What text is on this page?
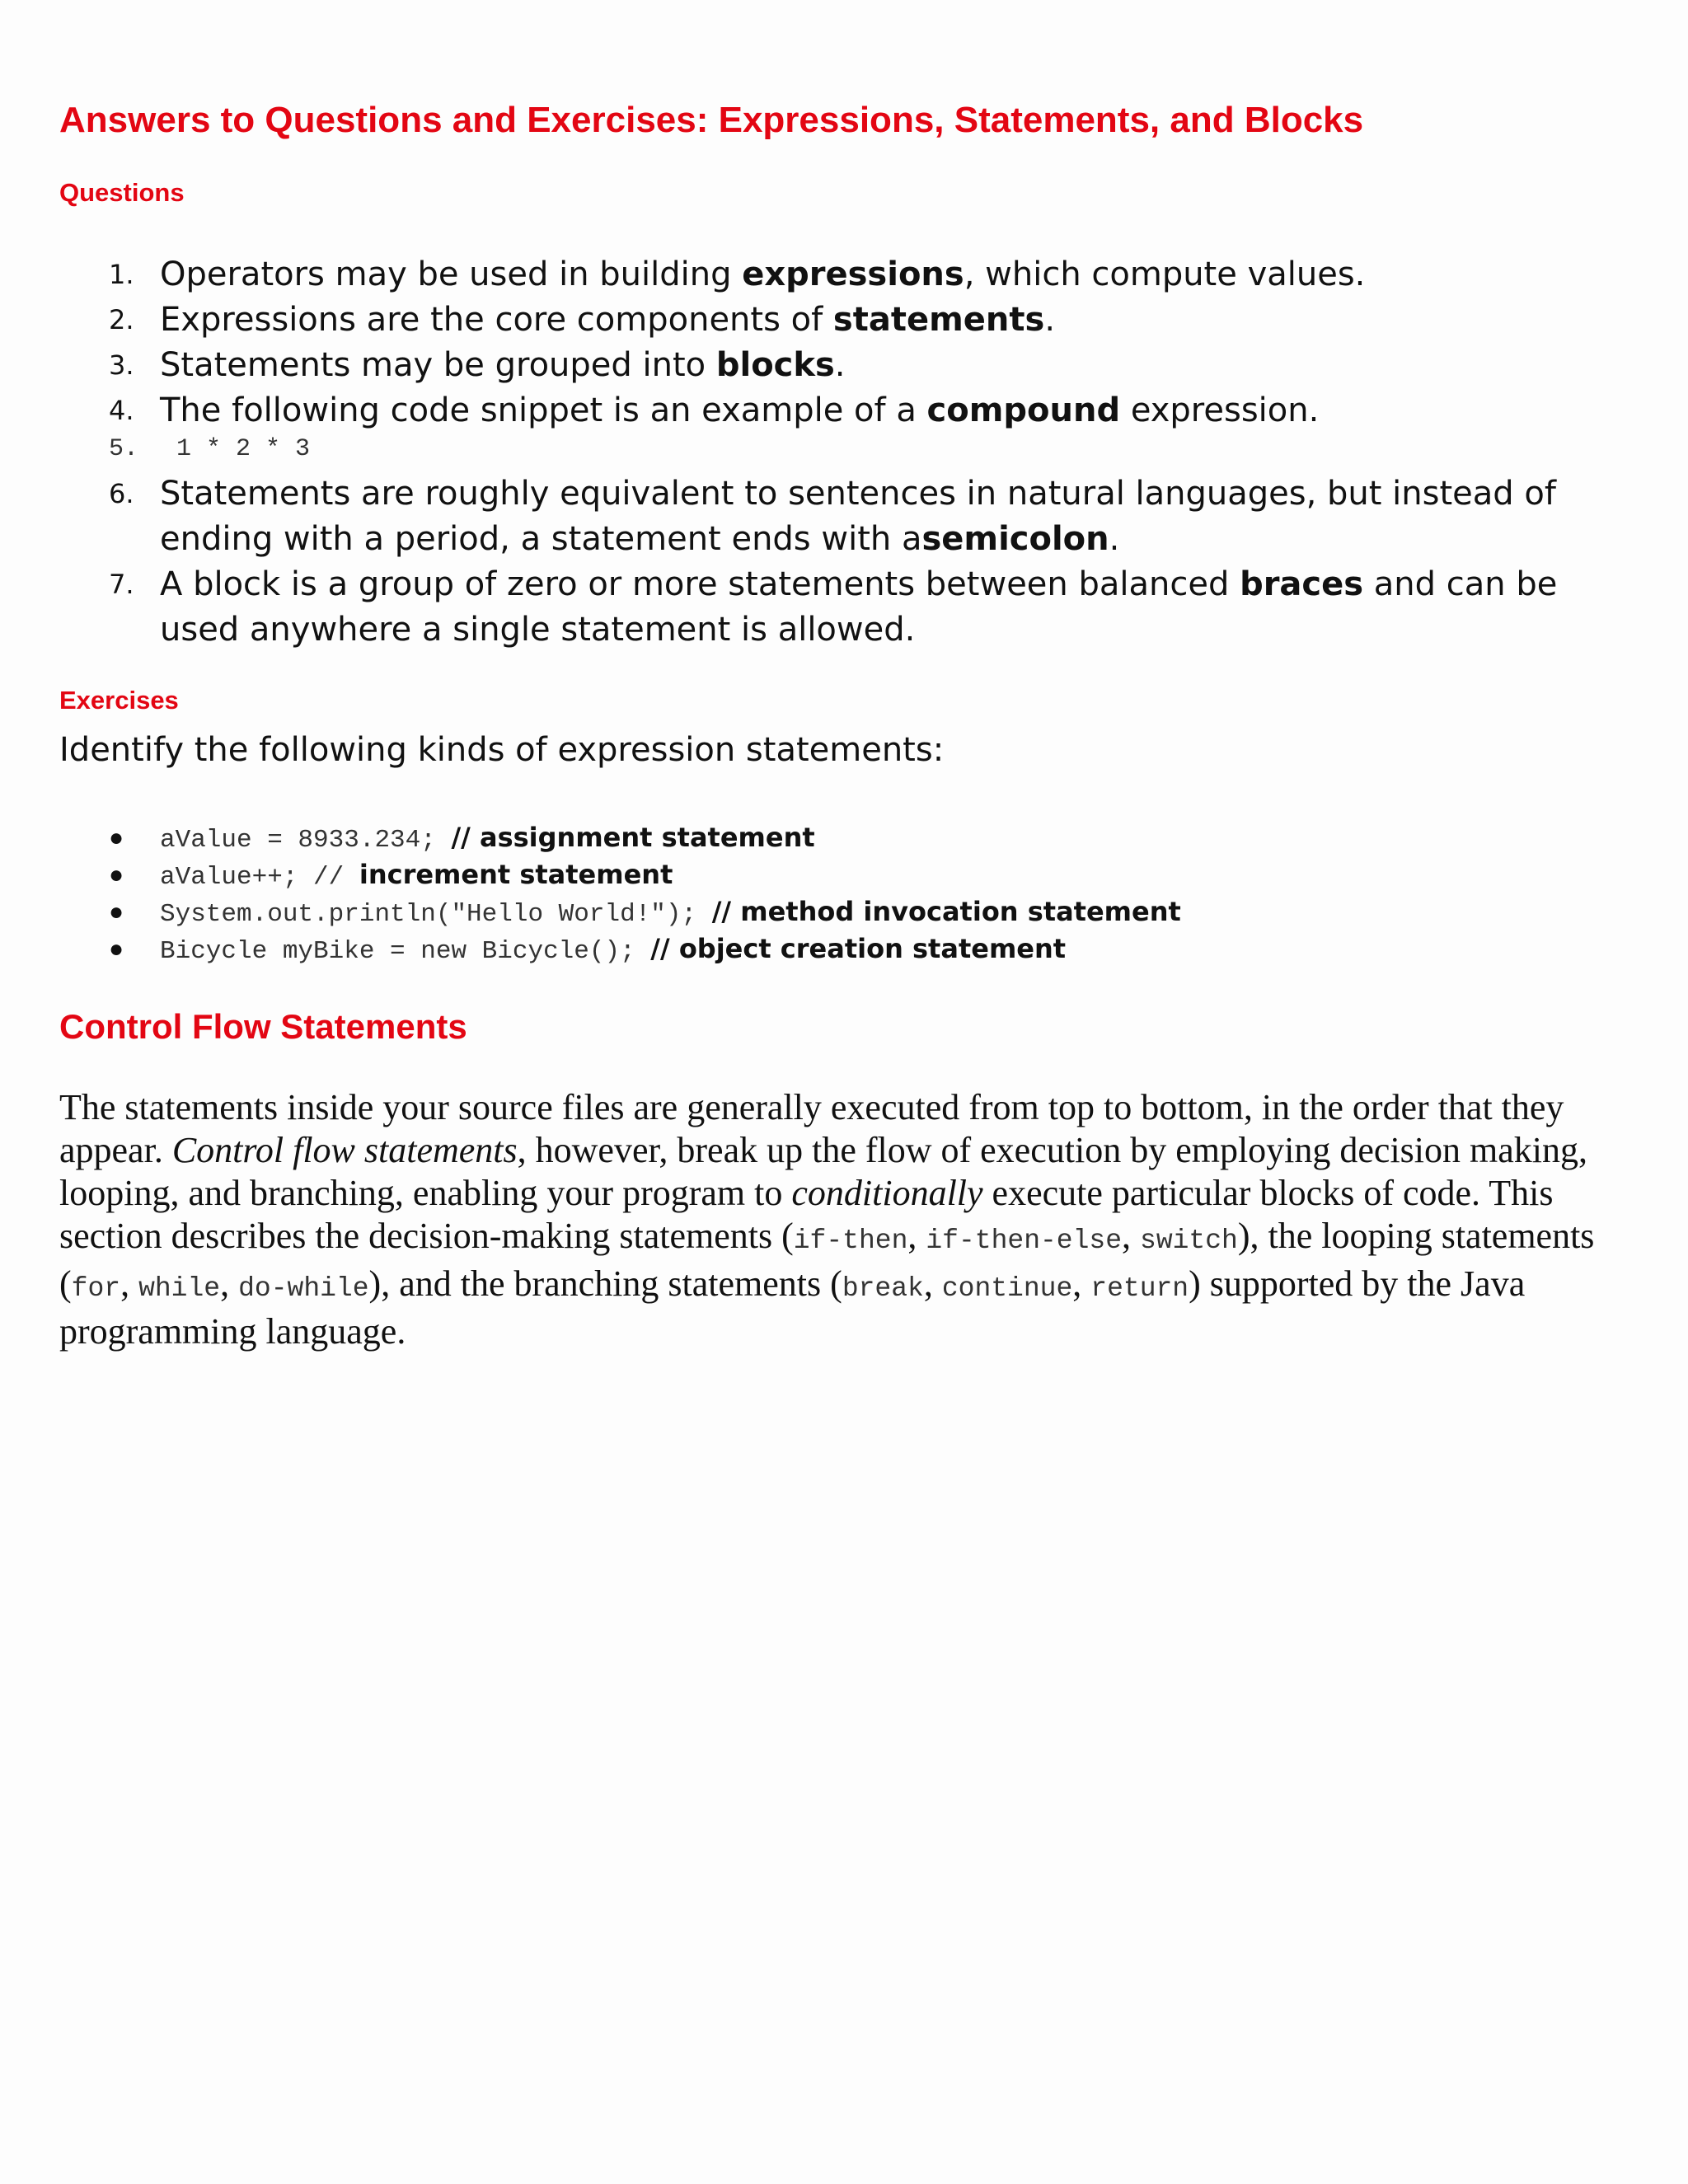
Answers to Questions and Exercises: Expressions, Statements, and Blocks
Questions
1. Operators may be used in building expressions, which compute values.
2. Expressions are the core components of statements.
3. Statements may be grouped into blocks.
4. The following code snippet is an example of a compound expression.
5. 1 * 2 * 3
6. Statements are roughly equivalent to sentences in natural languages, but instead of ending with a period, a statement ends with asemicolon.
7. A block is a group of zero or more statements between balanced braces and can be used anywhere a single statement is allowed.
Exercises

Identify the following kinds of expression statements:

● aValue = 8933.234; // assignment statement
● aValue++; // increment statement
● System.out.println("Hello World!"); // method invocation statement
● Bicycle myBike = new Bicycle(); // object creation statement
Control Flow Statements

The statements inside your source files are generally executed from top to bottom, in the order that they appear. Control flow statements, however, break up the flow of execution by employing decision making, looping, and branching, enabling your program to conditionally execute particular blocks of code. This section describes the decision-making statements (if-then, if-then-else, switch), the looping statements (for, while, do-while), and the branching statements (break, continue, return) supported by the Java programming language.
